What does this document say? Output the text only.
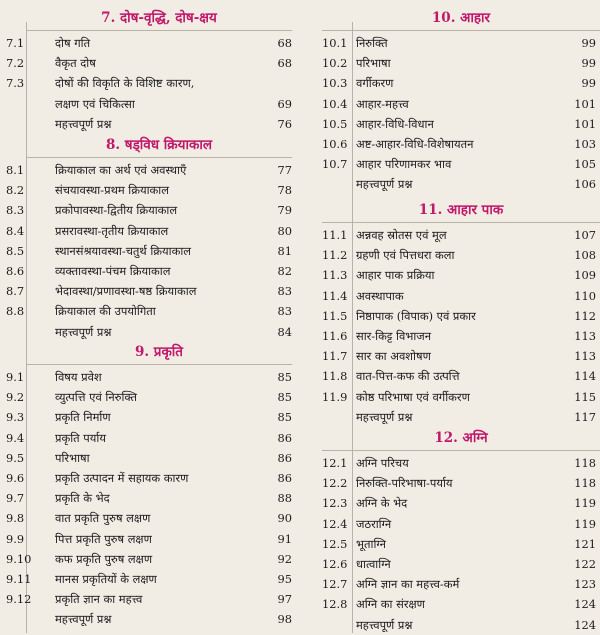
7. दोष-वृद्धि, दोष-क्षय
7.1	दोष गति	68
7.2	वैकृत दोष	68
7.3	दोषों की विकृति के विशिष्ट कारण,
लक्षण एवं चिकित्सा	69
महत्त्वपूर्ण प्रश्न	76
8. षड्विध क्रियाकाल
8.1	क्रियाकाल का अर्थ एवं अवस्थाएँ	77
8.2	संचयावस्था-प्रथम क्रियाकाल	78
8.3	प्रकोपावस्था-द्वितीय क्रियाकाल	79
8.4	प्रसरावस्था-तृतीय क्रियाकाल	80
8.5	स्थानसंश्रयावस्था-चतुर्थ क्रियाकाल	81
8.6	व्यक्तावस्था-पंचम क्रियाकाल	82
8.7	भेदावस्था/प्रणावस्था-षष्ठ क्रियाकाल	83
8.8	क्रियाकाल की उपयोगिता	83
महत्त्वपूर्ण प्रश्न	84
9. प्रकृति
9.1	विषय प्रवेश	85
9.2	व्युत्पत्ति एवं निरुक्ति	85
9.3	प्रकृति निर्माण	85
9.4	प्रकृति पर्याय	86
9.5	परिभाषा	86
9.6	प्रकृति उत्पादन में सहायक कारण	86
9.7	प्रकृति के भेद	88
9.8	वात प्रकृति पुरुष लक्षण	90
9.9	पित्त प्रकृति पुरुष लक्षण	91
9.10	कफ प्रकृति पुरुष लक्षण	92
9.11	मानस प्रकृतियों के लक्षण	95
9.12	प्रकृति ज्ञान का महत्त्व	97
महत्त्वपूर्ण प्रश्न	98
10. आहार
10.1 निरुक्ति	99
10.2 परिभाषा	99
10.3 वर्गीकरण	99
10.4 आहार-महत्त्व	101
10.5 आहार-विधि-विधान	101
10.6 अष्ट-आहार-विधि-विशेषायतन	103
10.7 आहार परिणामकर भाव	105
महत्त्वपूर्ण प्रश्न	106
11. आहार पाक
11.1 अन्नवह स्रोतस एवं मूल	107
11.2 ग्रहणी एवं पित्तधरा कला	108
11.3 आहार पाक प्रक्रिया	109
11.4 अवस्थापाक	110
11.5 निष्ठापाक (विपाक) एवं प्रकार	112
11.6 सार-किट्ट विभाजन	113
11.7 सार का अवशोषण	113
11.8 वात-पित्त-कफ की उत्पत्ति	114
11.9 कोष्ठ परिभाषा एवं वर्गीकरण	115
महत्त्वपूर्ण प्रश्न	117
12. अग्नि
12.1 अग्नि परिचय	118
12.2 निरुक्ति-परिभाषा-पर्याय	118
12.3 अग्नि के भेद	119
12.4 जठराग्नि	119
12.5 भूताग्नि	121
12.6 धात्वाग्नि	122
12.7 अग्नि ज्ञान का महत्त्व-कर्म	123
12.8 अग्नि का संरक्षण	124
महत्त्वपूर्ण प्रश्न	124
